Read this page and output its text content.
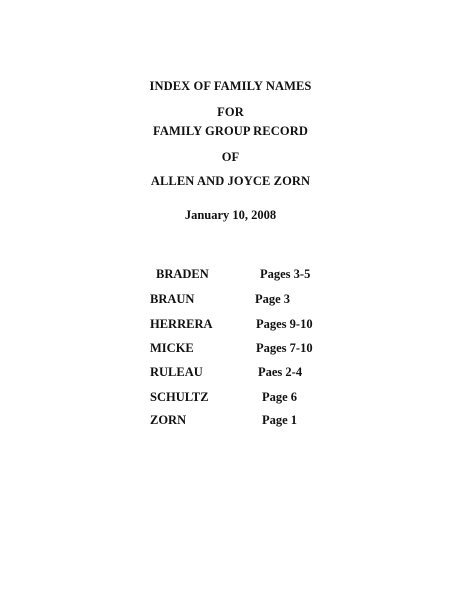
INDEX OF FAMILY NAMES
FOR
FAMILY GROUP RECORD
OF
ALLEN AND JOYCE ZORN
January 10, 2008
BRADEN	Pages 3-5
BRAUN	Page 3
HERRERA	Pages 9-10
MICKE	Pages 7-10
RULEAU	Paes 2-4
SCHULTZ	Page 6
ZORN	Page 1
